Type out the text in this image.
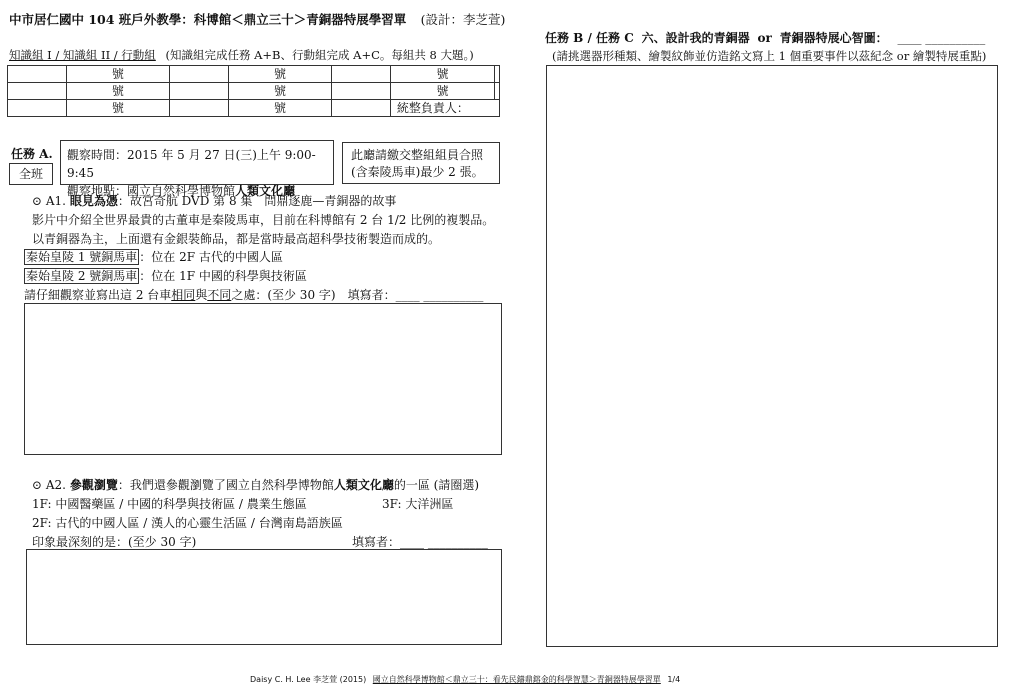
中市居仁國中 104 班戶外教學：科博館＜鼎立三十＞青銅器特展學習單 (設計：李芝萱)
知識組 I / 知識組 II / 行動組 (知識組完成任務 A+B、行動組完成 A+C。每組共 8 大題。)
	號		號		號	
	號		號		號	
	號		號		統整負責人：	
任務 A.
全班
觀察時間：2015 年 5 月 27 日(三)上午 9:00-9:45
觀察地點：國立自然科學博物館人類文化廳
此廳請繳交整組組員合照
(含秦陵馬車)最少 2 張。
⊙ A1. 眼見為憑：故宮奇航 DVD 第 8 集　問鼎逐鹿—青銅器的故事
影片中介紹全世界最貴的古董車是秦陵馬車，目前在科博館有 2 台 1/2 比例的複製品。
以青銅器為主，上面還有金銀裝飾品，都是當時最高超科學技術製造而成的。
秦始皇陵 1 號銅馬車 ：位在 2F 古代的中國人區
秦始皇陵 2 號銅馬車 ：位在 1F 中國的科學與技術區
請仔細觀察並寫出這 2 台車相同與不同之處：(至少 30 字)　填寫者：____ __________
⊙ A2. 參觀瀏覽：我們還參觀瀏覽了國立自然科學博物館人類文化廳的一區 (請圈選)
1F: 中國醫藥區 / 中國的科學與技術區 / 農業生態區	3F: 大洋洲區
2F: 古代的中國人區 / 漢人的心靈生活區 / 台灣南島語族區
印象最深刻的是：(至少 30 字)	填寫者：____ __________
任務 B / 任務 C 六、設計我的青銅器 or 青銅器特展心智圖： ____ __________
(請挑選器形種類、繪製紋飾並仿造銘文寫上 1 個重要事件以茲紀念 or 繪製特展重點)
Daisy C. H. Lee 李芝萱 (2015) 國立自然科學博物館＜鼎立三十：看先民鑄鼎鎔金的科學智慧＞青銅器特展學習單 1/4
